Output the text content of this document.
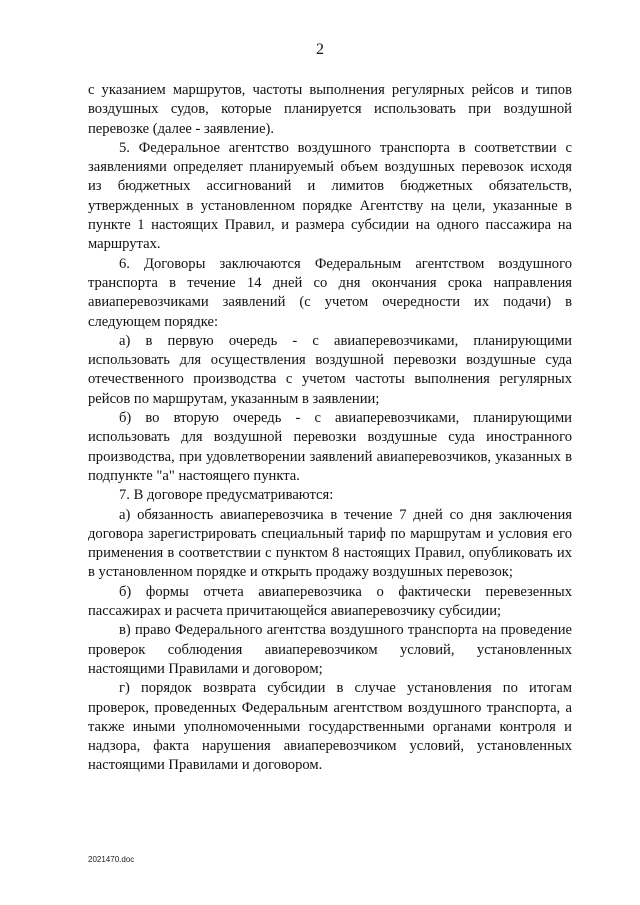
2

с указанием маршрутов, частоты выполнения регулярных рейсов и типов воздушных судов, которые планируется использовать при воздушной перевозке (далее - заявление).

5. Федеральное агентство воздушного транспорта в соответствии с заявлениями определяет планируемый объем воздушных перевозок исходя из бюджетных ассигнований и лимитов бюджетных обязательств, утвержденных в установленном порядке Агентству на цели, указанные в пункте 1 настоящих Правил, и размера субсидии на одного пассажира на маршрутах.

6. Договоры заключаются Федеральным агентством воздушного транспорта в течение 14 дней со дня окончания срока направления авиаперевозчиками заявлений (с учетом очередности их подачи) в следующем порядке:

а) в первую очередь - с авиаперевозчиками, планирующими использовать для осуществления воздушной перевозки воздушные суда отечественного производства с учетом частоты выполнения регулярных рейсов по маршрутам, указанным в заявлении;

б) во вторую очередь - с авиаперевозчиками, планирующими использовать для воздушной перевозки воздушные суда иностранного производства, при удовлетворении заявлений авиаперевозчиков, указанных в подпункте "а" настоящего пункта.

7. В договоре предусматриваются:

а) обязанность авиаперевозчика в течение 7 дней со дня заключения договора зарегистрировать специальный тариф по маршрутам и условия его применения в соответствии с пунктом 8 настоящих Правил, опубликовать их в установленном порядке и открыть продажу воздушных перевозок;

б) формы отчета авиаперевозчика о фактически перевезенных пассажирах и расчета причитающейся авиаперевозчику субсидии;

в) право Федерального агентства воздушного транспорта на проведение проверок соблюдения авиаперевозчиком условий, установленных настоящими Правилами и договором;

г) порядок возврата субсидии в случае установления по итогам проверок, проведенных Федеральным агентством воздушного транспорта, а также иными уполномоченными государственными органами контроля и надзора, факта нарушения авиаперевозчиком условий, установленных настоящими Правилами и договором.

2021470.doc
